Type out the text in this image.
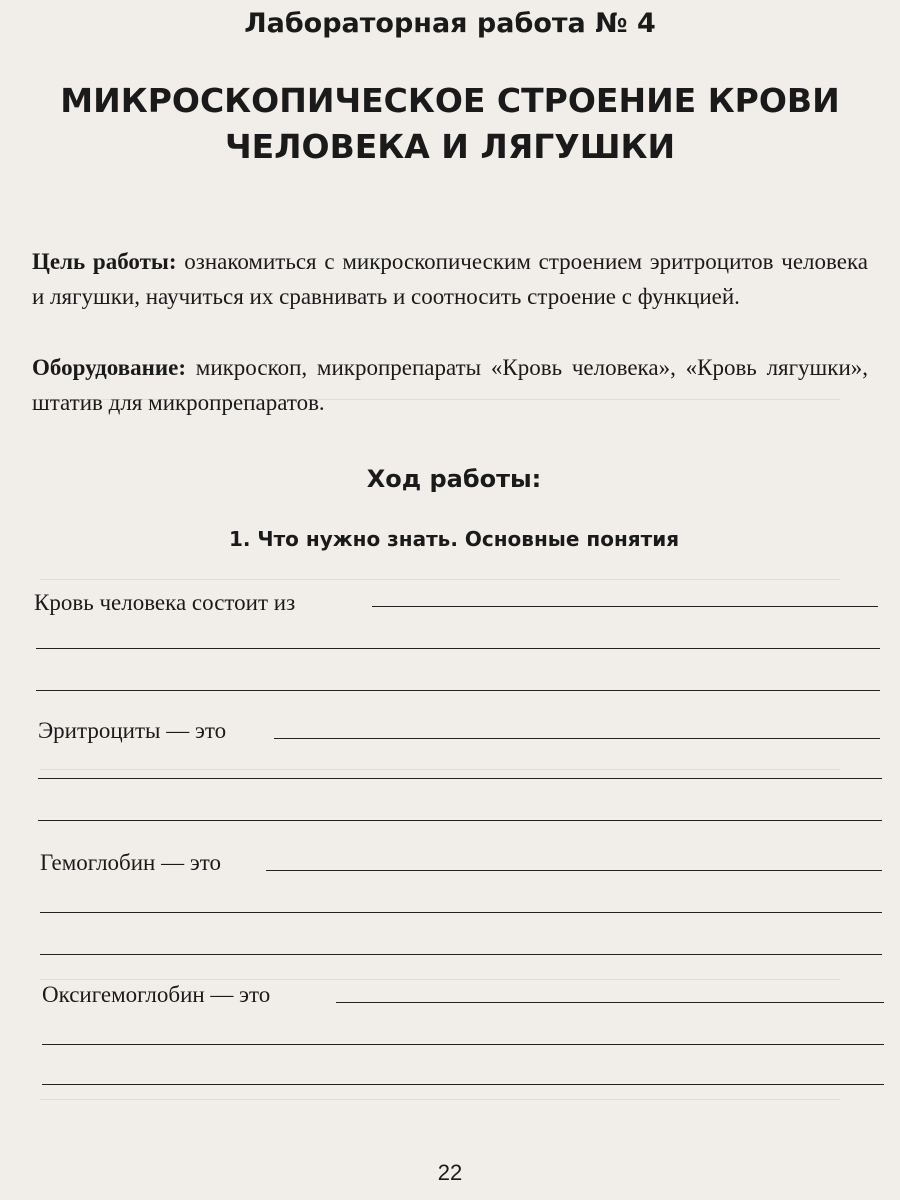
Лабораторная работа № 4
МИКРОСКОПИЧЕСКОЕ СТРОЕНИЕ КРОВИ
ЧЕЛОВЕКА И ЛЯГУШКИ
Цель работы: ознакомиться с микроскопическим строением эритроцитов человека и лягушки, научиться их сравнивать и соотносить строение с функцией.
Оборудование: микроскоп, микропрепараты «Кровь человека», «Кровь лягушки», штатив для микропрепаратов.
Ход работы:
1. Что нужно знать. Основные понятия
Кровь человека состоит из
Эритроциты — это
Гемоглобин — это
Оксигемоглобин — это
22
